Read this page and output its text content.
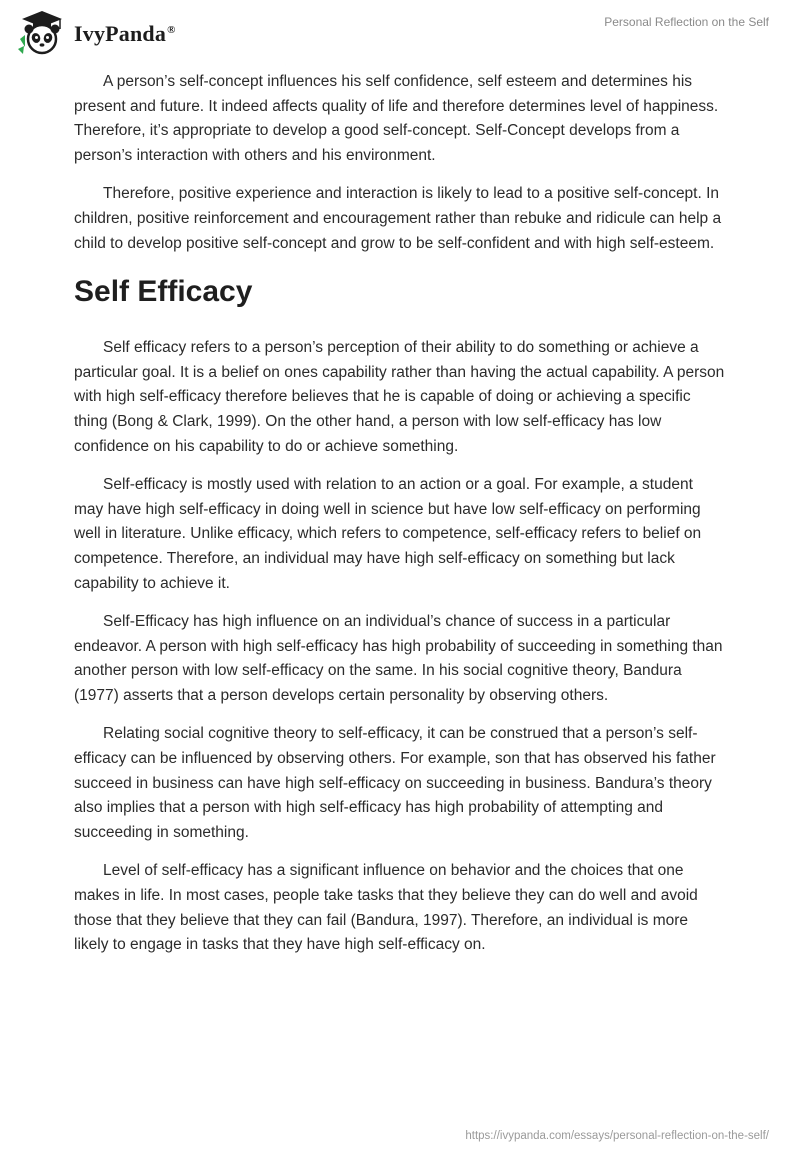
IvyPanda®
Personal Reflection on the Self

A person’s self-concept influences his self confidence, self esteem and determines his present and future. It indeed affects quality of life and therefore determines level of happiness. Therefore, it’s appropriate to develop a good self-concept. Self-Concept develops from a person’s interaction with others and his environment.

Therefore, positive experience and interaction is likely to lead to a positive self-concept. In children, positive reinforcement and encouragement rather than rebuke and ridicule can help a child to develop positive self-concept and grow to be self-confident and with high self-esteem.

Self Efficacy

Self efficacy refers to a person’s perception of their ability to do something or achieve a particular goal. It is a belief on ones capability rather than having the actual capability. A person with high self-efficacy therefore believes that he is capable of doing or achieving a specific thing (Bong & Clark, 1999). On the other hand, a person with low self-efficacy has low confidence on his capability to do or achieve something.

Self-efficacy is mostly used with relation to an action or a goal. For example, a student may have high self-efficacy in doing well in science but have low self-efficacy on performing well in literature. Unlike efficacy, which refers to competence, self-efficacy refers to belief on competence. Therefore, an individual may have high self-efficacy on something but lack capability to achieve it.

Self-Efficacy has high influence on an individual’s chance of success in a particular endeavor. A person with high self-efficacy has high probability of succeeding in something than another person with low self-efficacy on the same. In his social cognitive theory, Bandura (1977) asserts that a person develops certain personality by observing others.

Relating social cognitive theory to self-efficacy, it can be construed that a person’s self-efficacy can be influenced by observing others. For example, son that has observed his father succeed in business can have high self-efficacy on succeeding in business. Bandura’s theory also implies that a person with high self-efficacy has high probability of attempting and succeeding in something.

Level of self-efficacy has a significant influence on behavior and the choices that one makes in life. In most cases, people take tasks that they believe they can do well and avoid those that they believe that they can fail (Bandura, 1997). Therefore, an individual is more likely to engage in tasks that they have high self-efficacy on.

https://ivypanda.com/essays/personal-reflection-on-the-self/
